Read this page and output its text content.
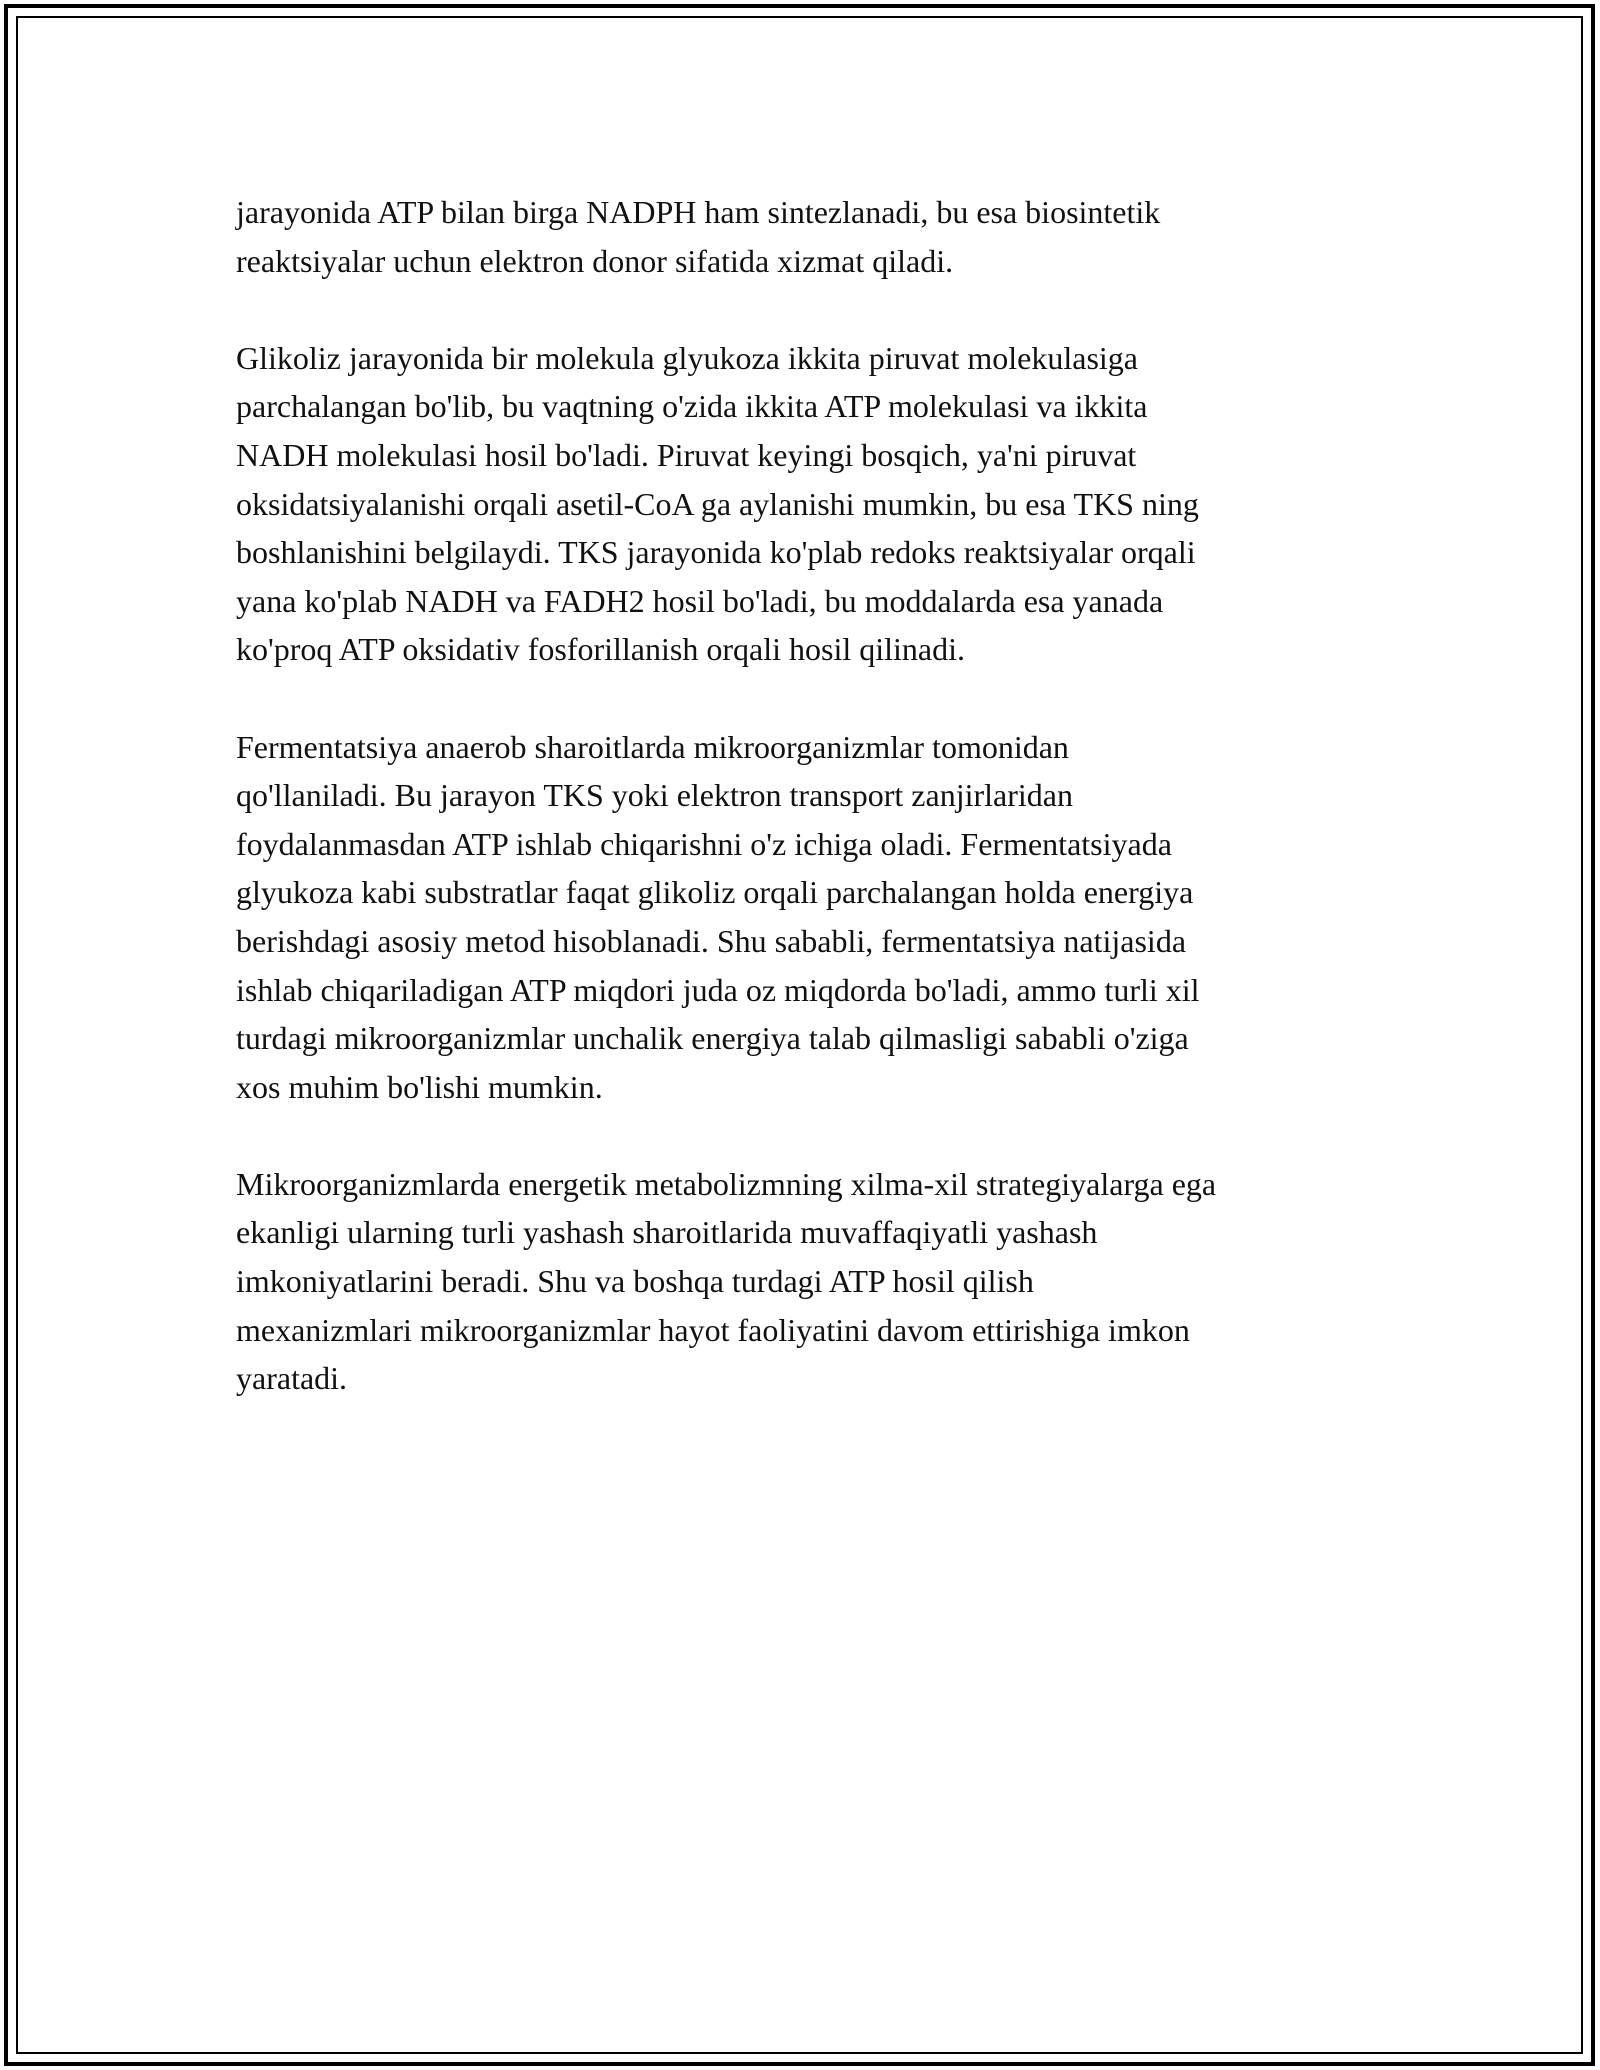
jarayonida ATP bilan birga NADPH ham sintezlanadi, bu esa biosintetik
reaktsiyalar uchun elektron donor sifatida xizmat qiladi.

Glikoliz jarayonida bir molekula glyukoza ikkita piruvat molekulasiga
parchalangan bo'lib, bu vaqtning o'zida ikkita ATP molekulasi va ikkita
NADH molekulasi hosil bo'ladi. Piruvat keyingi bosqich, ya'ni piruvat
oksidatsiyalanishi orqali asetil-CoA ga aylanishi mumkin, bu esa TKS ning
boshlanishini belgilaydi. TKS jarayonida ko'plab redoks reaktsiyalar orqali
yana ko'plab NADH va FADH2 hosil bo'ladi, bu moddalarda esa yanada
ko'proq ATP oksidativ fosforillanish orqali hosil qilinadi.

Fermentatsiya anaerob sharoitlarda mikroorganizmlar tomonidan
qo'llaniladi. Bu jarayon TKS yoki elektron transport zanjirlaridan
foydalanmasdan ATP ishlab chiqarishni o'z ichiga oladi. Fermentatsiyada
glyukoza kabi substratlar faqat glikoliz orqali parchalangan holda energiya
berishdagi asosiy metod hisoblanadi. Shu sababli, fermentatsiya natijasida
ishlab chiqariladigan ATP miqdori juda oz miqdorda bo'ladi, ammo turli xil
turdagi mikroorganizmlar unchalik energiya talab qilmasligi sababli o'ziga
xos muhim bo'lishi mumkin.

Mikroorganizmlarda energetik metabolizmning xilma-xil strategiyalarga ega
ekanligi ularning turli yashash sharoitlarida muvaffaqiyatli yashash
imkoniyatlarini beradi. Shu va boshqa turdagi ATP hosil qilish
mexanizmlari mikroorganizmlar hayot faoliyatini davom ettirishiga imkon
yaratadi.
